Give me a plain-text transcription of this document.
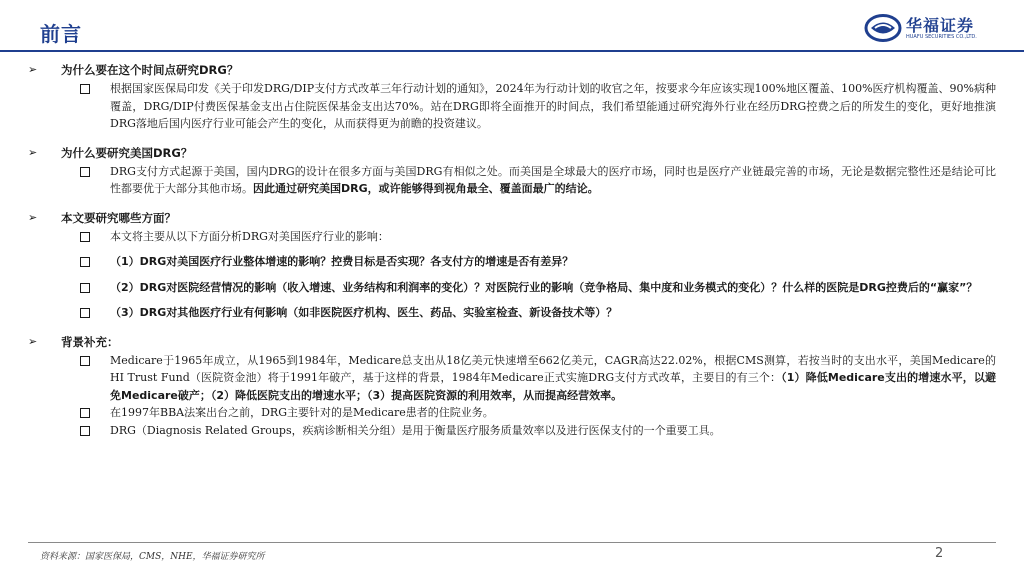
前言	华福证券
HUAFU SECURITIES CO.,LTD.
➢ 为什么要在这个时间点研究DRG？
根据国家医保局印发《关于印发DRG/DIP支付方式改革三年行动计划的通知》，2024年为行动计划的收官之年，按要求今年应该实现100%地区覆盖、100%医疗机构覆盖、90%病种覆盖，DRG/DIP付费医保基金支出占住院医保基金支出达70%。站在DRG即将全面推开的时间点，我们希望能通过研究海外行业在经历DRG控费之后的所发生的变化，更好地推演DRG落地后国内医疗行业可能会产生的变化，从而获得更为前瞻的投资建议。
➢ 为什么要研究美国DRG？
DRG支付方式起源于美国，国内DRG的设计在很多方面与美国DRG有相似之处。而美国是全球最大的医疗市场，同时也是医疗产业链最完善的市场，无论是数据完整性还是结论可比性都要优于大部分其他市场。因此通过研究美国DRG，或许能够得到视角最全、覆盖面最广的结论。
➢ 本文要研究哪些方面？
本文将主要从以下方面分析DRG对美国医疗行业的影响：
（1）DRG对美国医疗行业整体增速的影响？控费目标是否实现？各支付方的增速是否有差异？
（2）DRG对医院经营情况的影响（收入增速、业务结构和利润率的变化）？对医院行业的影响（竞争格局、集中度和业务模式的变化）？什么样的医院是DRG控费后的“赢家”？
（3）DRG对其他医疗行业有何影响（如非医院医疗机构、医生、药品、实验室检查、新设备技术等）？
➢ 背景补充：
Medicare于1965年成立，从1965到1984年，Medicare总支出从18亿美元快速增至662亿美元，CAGR高达22.02%，根据CMS测算，若按当时的支出水平，美国Medicare的HI Trust Fund（医院资金池）将于1991年破产，基于这样的背景，1984年Medicare正式实施DRG支付方式改革，主要目的有三个：（1）降低Medicare支出的增速水平，以避免Medicare破产；（2）降低医院支出的增速水平；（3）提高医院资源的利用效率，从而提高经营效率。
在1997年BBA法案出台之前，DRG主要针对的是Medicare患者的住院业务。
DRG（Diagnosis Related Groups，疾病诊断相关分组）是用于衡量医疗服务质量效率以及进行医保支付的一个重要工具。
资料来源：国家医保局，CMS，NHE，华福证券研究所	2
